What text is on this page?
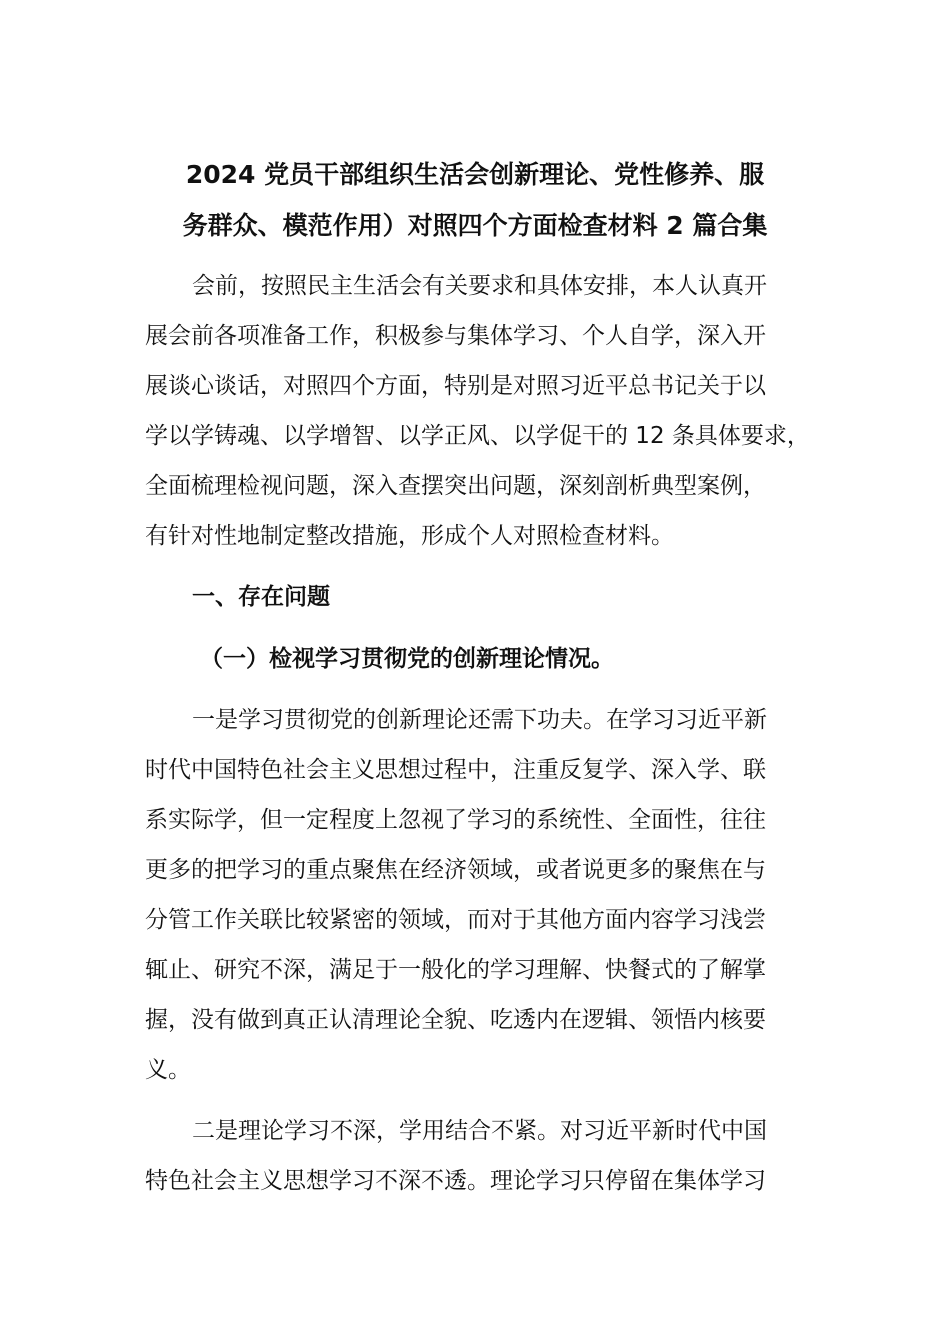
2024 党员干部组织生活会创新理论、党性修养、服
务群众、模范作用）对照四个方面检查材料 2 篇合集
会前，按照民主生活会有关要求和具体安排，本人认真开
展会前各项准备工作，积极参与集体学习、个人自学，深入开
展谈心谈话，对照四个方面，特别是对照习近平总书记关于以
学以学铸魂、以学增智、以学正风、以学促干的 12 条具体要求，
全面梳理检视问题，深入查摆突出问题，深刻剖析典型案例，
有针对性地制定整改措施，形成个人对照检查材料。
一、存在问题
（一）检视学习贯彻党的创新理论情况。
一是学习贯彻党的创新理论还需下功夫。在学习习近平新
时代中国特色社会主义思想过程中，注重反复学、深入学、联
系实际学，但一定程度上忽视了学习的系统性、全面性，往往
更多的把学习的重点聚焦在经济领域，或者说更多的聚焦在与
分管工作关联比较紧密的领域，而对于其他方面内容学习浅尝
辄止、研究不深，满足于一般化的学习理解、快餐式的了解掌
握，没有做到真正认清理论全貌、吃透内在逻辑、领悟内核要
义。
二是理论学习不深，学用结合不紧。对习近平新时代中国
特色社会主义思想学习不深不透。理论学习只停留在集体学习
